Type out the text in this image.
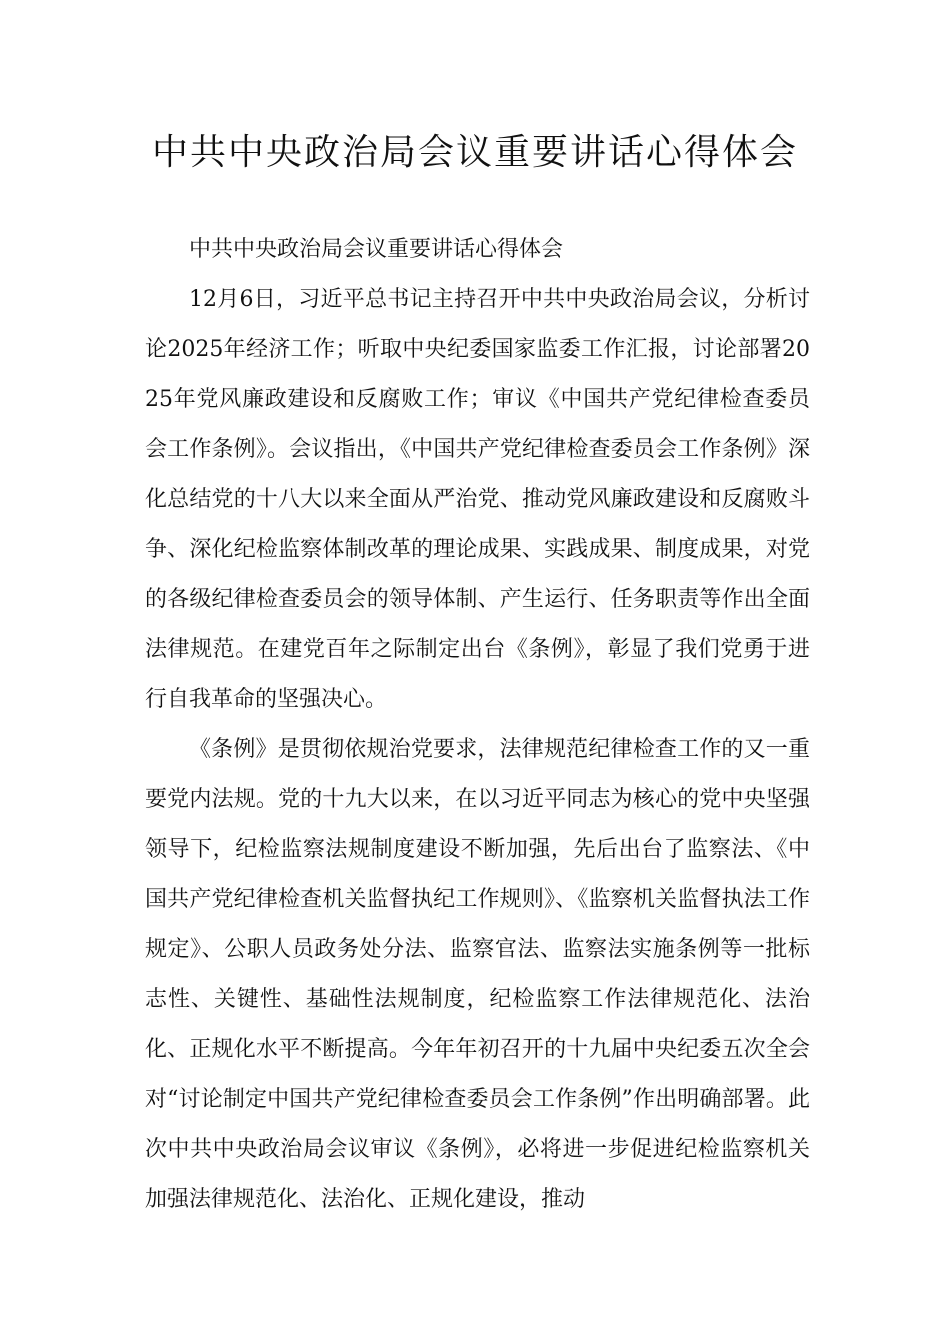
中共中央政治局会议重要讲话心得体会

中共中央政治局会议重要讲话心得体会

12月6日，习近平总书记主持召开中共中央政治局会议，分析讨论2025年经济工作；听取中央纪委国家监委工作汇报，讨论部署2025年党风廉政建设和反腐败工作；审议《中国共产党纪律检查委员会工作条例》。会议指出，《中国共产党纪律检查委员会工作条例》深化总结党的十八大以来全面从严治党、推动党风廉政建设和反腐败斗争、深化纪检监察体制改革的理论成果、实践成果、制度成果，对党的各级纪律检查委员会的领导体制、产生运行、任务职责等作出全面法律规范。在建党百年之际制定出台《条例》，彰显了我们党勇于进行自我革命的坚强决心。

《条例》是贯彻依规治党要求，法律规范纪律检查工作的又一重要党内法规。党的十九大以来，在以习近平同志为核心的党中央坚强领导下，纪检监察法规制度建设不断加强，先后出台了监察法、《中国共产党纪律检查机关监督执纪工作规则》、《监察机关监督执法工作规定》、公职人员政务处分法、监察官法、监察法实施条例等一批标志性、关键性、基础性法规制度，纪检监察工作法律规范化、法治化、正规化水平不断提高。今年年初召开的十九届中央纪委五次全会对“讨论制定中国共产党纪律检查委员会工作条例”作出明确部署。此次中共中央政治局会议审议《条例》，必将进一步促进纪检监察机关加强法律规范化、法治化、正规化建设，推动
